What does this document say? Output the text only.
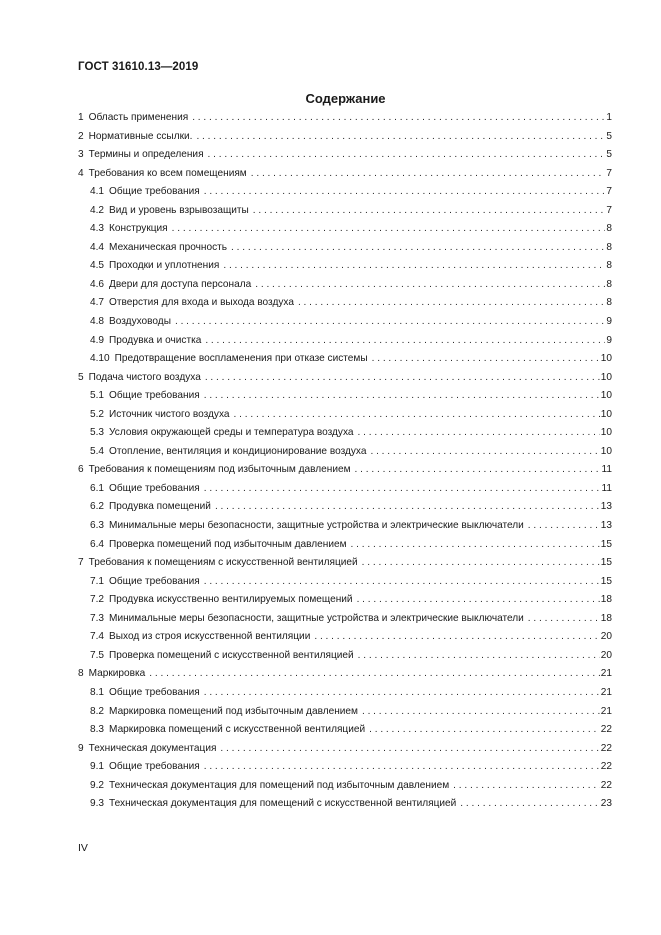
ГОСТ 31610.13—2019
Содержание
1 Область применения . . .	1
2 Нормативные ссылки. . . .	5
3 Термины и определения . . .	5
4 Требования ко всем помещениям . . .	7
4.1 Общие требования . . .	7
4.2 Вид и уровень взрывозащиты . . .	7
4.3 Конструкция . . .	8
4.4 Механическая прочность . . .	8
4.5 Проходки и уплотнения . . .	8
4.6 Двери для доступа персонала . . .	8
4.7 Отверстия для входа и выхода воздуха . . .	8
4.8 Воздуховоды . . .	9
4.9 Продувка и очистка . . .	9
4.10 Предотвращение воспламенения при отказе системы . . .	10
5 Подача чистого воздуха . . .	10
5.1 Общие требования . . .	10
5.2 Источник чистого воздуха . . .	10
5.3 Условия окружающей среды и температура воздуха . . .	10
5.4 Отопление, вентиляция и кондиционирование воздуха . . .	10
6 Требования к помещениям под избыточным давлением . . .	11
6.1 Общие требования . . .	11
6.2 Продувка помещений . . .	13
6.3 Минимальные меры безопасности, защитные устройства и электрические выключатели . . .	13
6.4 Проверка помещений под избыточным давлением . . .	15
7 Требования к помещениям с искусственной вентиляцией . . .	15
7.1 Общие требования . . .	15
7.2 Продувка искусственно вентилируемых помещений . . .	18
7.3 Минимальные меры безопасности, защитные устройства и электрические выключатели . . .	18
7.4 Выход из строя искусственной вентиляции . . .	20
7.5 Проверка помещений с искусственной вентиляцией . . .	20
8 Маркировка . . .	21
8.1 Общие требования . . .	21
8.2 Маркировка помещений под избыточным давлением . . .	21
8.3 Маркировка помещений с искусственной вентиляцией . . .	22
9 Техническая документация . . .	22
9.1 Общие требования . . .	22
9.2 Техническая документация для помещений под избыточным давлением . . .	22
9.3 Техническая документация для помещений с искусственной вентиляцией . . .	23
IV
